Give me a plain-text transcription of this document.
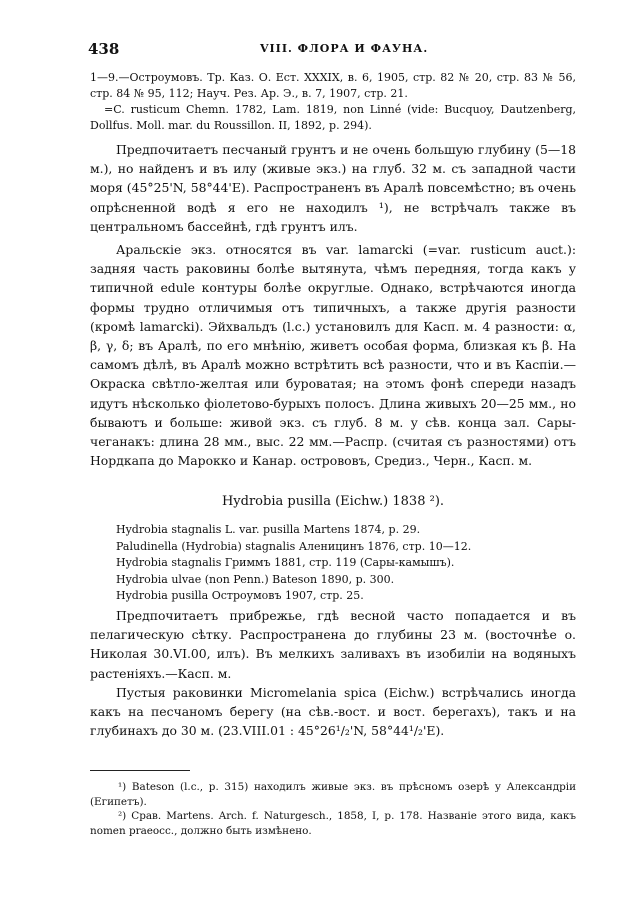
438	VIII. ФЛОРА И ФАУНА.

1—9.—Остроумовъ. Тр. Каз. О. Ест. XXXIX, в. 6, 1905, стр. 82 № 20, стр. 83 № 56, стр. 84 № 95, 112; Науч. Рез. Ар. Э., в. 7, 1907, стр. 21.

=C. rusticum Chemn. 1782, Lam. 1819, non Linné (vide: Bucquoy, Dautzenberg, Dollfus. Moll. mar. du Roussillon. II, 1892, p. 294).

Предпочитаетъ песчаный грунтъ и не очень большую глубину (5—18 м.), но найденъ и въ илу (живые экз.) на глуб. 32 м. съ западной части моря (45°25'N, 58°44'E). Распространенъ въ Аралѣ повсемѣстно; въ очень опрѣсненной водѣ я его не находилъ ¹), не встрѣчалъ также въ центральномъ бассейнѣ, гдѣ грунтъ илъ.

Аральскіе экз. относятся въ var. lamarcki (=var. rusticum auct.): задняя часть раковины болѣе вытянута, чѣмъ передняя, тогда какъ у типичной edule контуры болѣе округлые. Однако, встрѣчаются иногда формы трудно отличимыя отъ типичныхъ, а также другія разности (кромѣ lamarcki). Эйхвальдъ (l.c.) установилъ для Касп. м. 4 разности: α, β, γ, δ; въ Аралѣ, по его мнѣнію, живетъ особая форма, близкая къ β. На самомъ дѣлѣ, въ Аралѣ можно встрѣтить всѣ разности, что и въ Каспіи.—Окраска свѣтло-желтая или буроватая; на этомъ фонѣ спереди назадъ идутъ нѣсколько фіолетово-бурыхъ полосъ. Длина живыхъ 20—25 мм., но бываютъ и больше: живой экз. съ глуб. 8 м. у сѣв. конца зал. Сары-чеганакъ: длина 28 мм., выс. 22 мм.—Распр. (считая съ разностями) отъ Нордкапа до Марокко и Канар. острововъ, Средиз., Черн., Касп. м.

Hydrobia pusilla (Eichw.) 1838 ²).

Hydrobia stagnalis L. var. pusilla Martens 1874, p. 29.

Paludinella (Hydrobia) stagnalis Аленицинъ 1876, стр. 10—12.

Hydrobia stagnalis Гриммъ 1881, стр. 119 (Сары-камышъ).

Hydrobia ulvae (non Penn.) Bateson 1890, p. 300.

Hydrobia pusilla Остроумовъ 1907, стр. 25.

Предпочитаетъ прибрежье, гдѣ весной часто попадается и въ пелагическую сѣтку. Распространена до глубины 23 м. (восточнѣе о. Николая 30.VI.00, илъ). Въ мелкихъ заливахъ въ изобиліи на водяныхъ растеніяхъ.—Касп. м.

Пустыя раковинки Micromelania spica (Eichw.) встрѣчались иногда какъ на песчаномъ берегу (на сѣв.-вост. и вост. берегахъ), такъ и на глубинахъ до 30 м. (23.VIII.01 : 45°26¹/₂'N, 58°44¹/₂'E).

¹) Bateson (l.c., p. 315) находилъ живые экз. въ прѣсномъ озерѣ у Александріи (Египетъ).

²) Срав. Martens. Arch. f. Naturgesch., 1858, I, p. 178. Названіе этого вида, какъ nomen praeocc., должно быть измѣнено.
